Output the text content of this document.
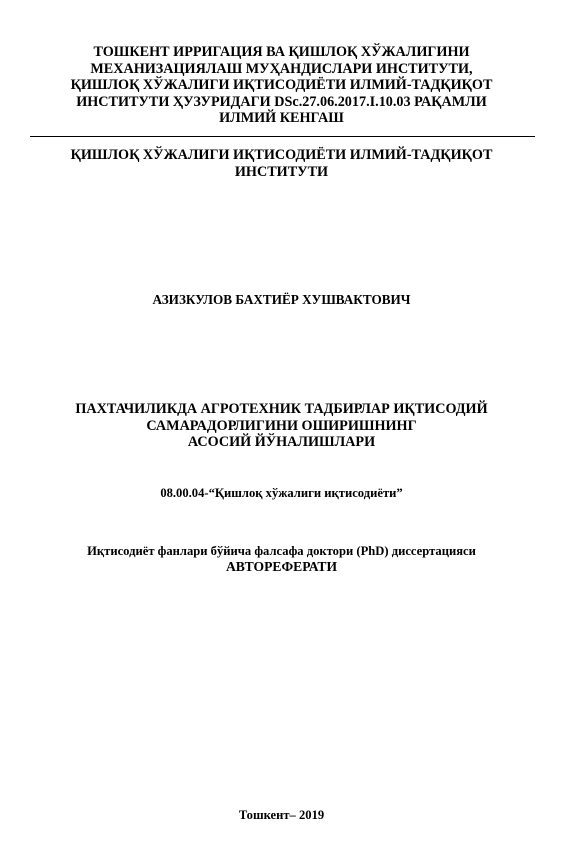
ТОШКЕНТ ИРРИГАЦИЯ ВА ҚИШЛОҚ ХЎЖАЛИГИНИ
МЕХАНИЗАЦИЯЛАШ МУҲАНДИСЛАРИ ИНСТИТУТИ,
ҚИШЛОҚ ХЎЖАЛИГИ ИҚТИСОДИЁТИ ИЛМИЙ-ТАДҚИҚОТ
ИНСТИТУТИ ҲУЗУРИДАГИ DSc.27.06.2017.I.10.03 РАҚАМЛИ
ИЛМИЙ КЕНГАШ
ҚИШЛОҚ ХЎЖАЛИГИ ИҚТИСОДИЁТИ ИЛМИЙ-ТАДҚИҚОТ
ИНСТИТУТИ
АЗИЗКУЛОВ БАХТИЁР ХУШВАКТОВИЧ
ПАХТАЧИЛИКДА АГРОТЕХНИК ТАДБИРЛАР ИҚТИСОДИЙ
САМАРАДОРЛИГИНИ ОШИРИШНИНГ
АСОСИЙ ЙЎНАЛИШЛАРИ
08.00.04-“Қишлоқ хўжалиги иқтисодиёти”
Иқтисодиёт фанлари бўйича фалсафа доктори (PhD) диссертацияси
АВТОРЕФЕРАТИ
Тошкент– 2019
